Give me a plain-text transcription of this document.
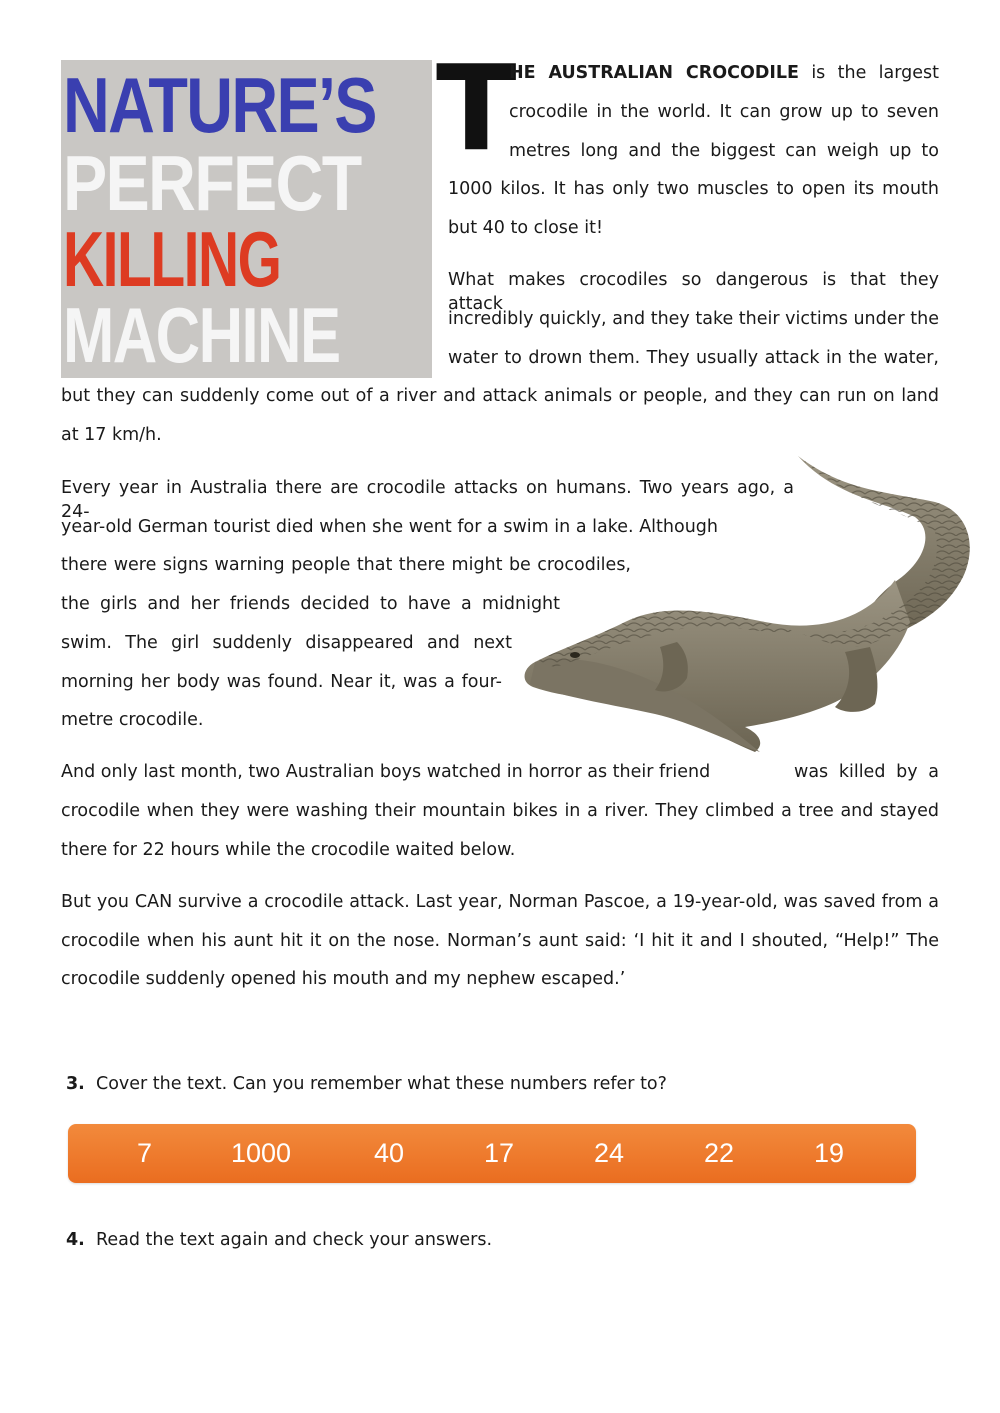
NATURE’S
PERFECT
KILLING
MACHINE
T
HE AUSTRALIAN CROCODILE is the largest
crocodile in the world. It can grow up to seven
metres long and the biggest can weigh up to
1000 kilos. It has only two muscles to open its mouth
but 40 to close it!
What makes crocodiles so dangerous is that they attack
incredibly quickly, and they take their victims under the
water to drown them. They usually attack in the water,
but they can suddenly come out of a river and attack animals or people, and they can run on land
at 17 km/h.
Every year in Australia there are crocodile attacks on humans. Two years ago, a 24-
year-old German tourist died when she went for a swim in a lake. Although
there were signs warning people that there might be crocodiles,
the girls and her friends decided to have a midnight
swim. The girl suddenly disappeared and next
morning her body was found. Near it, was a four-
metre crocodile.
And only last month, two Australian boys watched in horror as their friend	was killed by a
crocodile when they were washing their mountain bikes in a river. They climbed a tree and stayed
there for 22 hours while the crocodile waited below.
But you CAN survive a crocodile attack. Last year, Norman Pascoe, a 19-year-old, was saved from a
crocodile when his aunt hit it on the nose. Norman’s aunt said: ‘I hit it and I shouted, “Help!” The
crocodile suddenly opened his mouth and my nephew escaped.’
3. Cover the text. Can you remember what these numbers refer to?
7	1000	40	17	24	22	19
4. Read the text again and check your answers.
